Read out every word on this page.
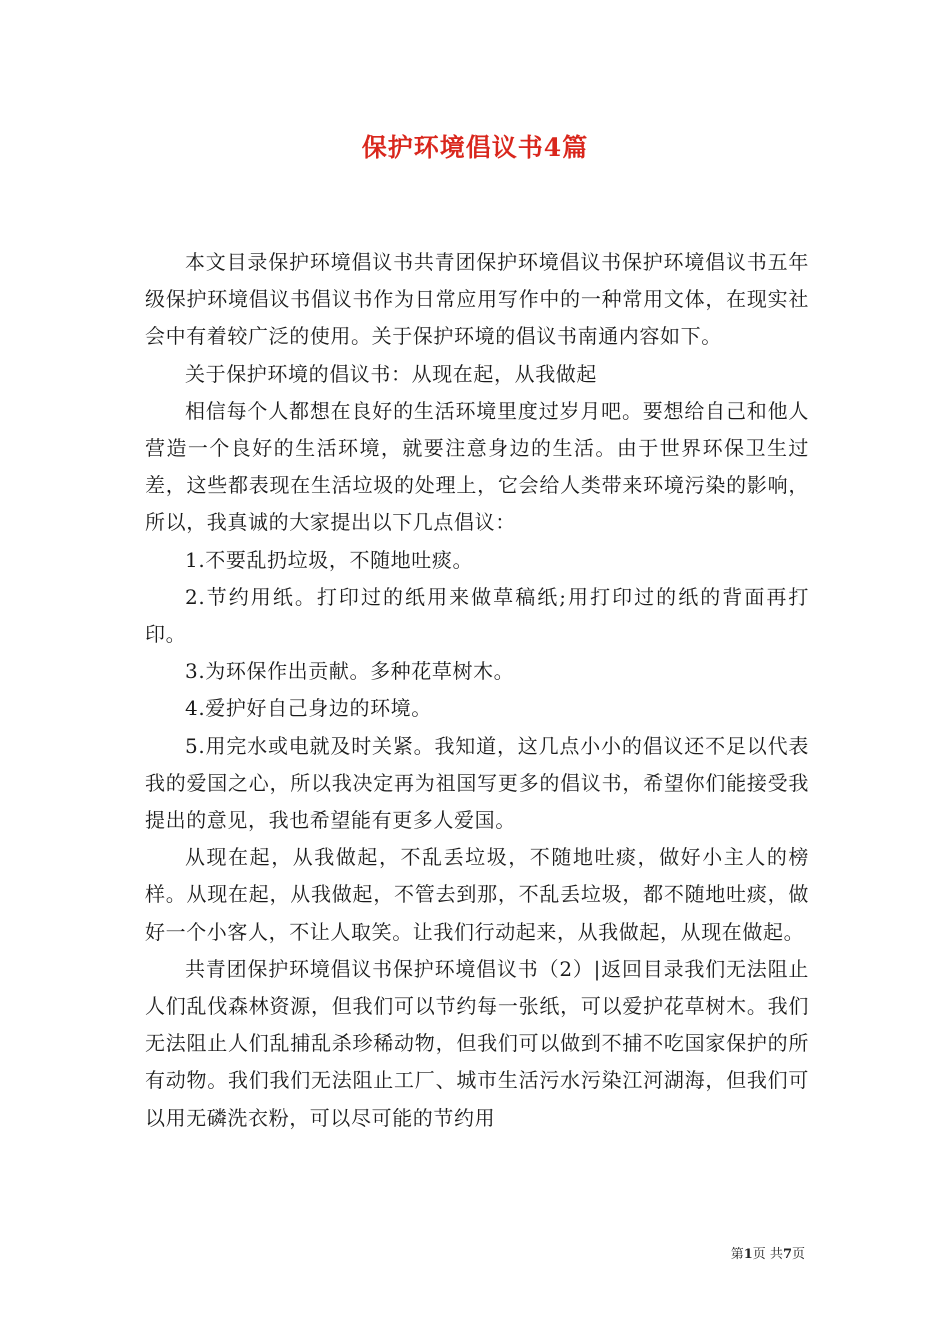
保护环境倡议书4篇

本文目录保护环境倡议书共青团保护环境倡议书保护环境倡议书五年级保护环境倡议书倡议书作为日常应用写作中的一种常用文体，在现实社会中有着较广泛的使用。关于保护环境的倡议书南通内容如下。

关于保护环境的倡议书：从现在起，从我做起

相信每个人都想在良好的生活环境里度过岁月吧。要想给自己和他人营造一个良好的生活环境，就要注意身边的生活。由于世界环保卫生过差，这些都表现在生活垃圾的处理上，它会给人类带来环境污染的影响，所以，我真诚的大家提出以下几点倡议：

1.不要乱扔垃圾，不随地吐痰。

2.节约用纸。打印过的纸用来做草稿纸;用打印过的纸的背面再打印。

3.为环保作出贡献。多种花草树木。

4.爱护好自己身边的环境。

5.用完水或电就及时关紧。我知道，这几点小小的倡议还不足以代表我的爱国之心，所以我决定再为祖国写更多的倡议书，希望你们能接受我提出的意见，我也希望能有更多人爱国。

从现在起，从我做起，不乱丢垃圾，不随地吐痰，做好小主人的榜样。从现在起，从我做起，不管去到那，不乱丢垃圾，都不随地吐痰，做好一个小客人，不让人取笑。让我们行动起来，从我做起，从现在做起。

共青团保护环境倡议书保护环境倡议书（2）|返回目录我们无法阻止人们乱伐森林资源，但我们可以节约每一张纸，可以爱护花草树木。我们无法阻止人们乱捕乱杀珍稀动物，但我们可以做到不捕不吃国家保护的所有动物。我们我们无法阻止工厂、城市生活污水污染江河湖海，但我们可以用无磷洗衣粉，可以尽可能的节约用

第1页 共7页
